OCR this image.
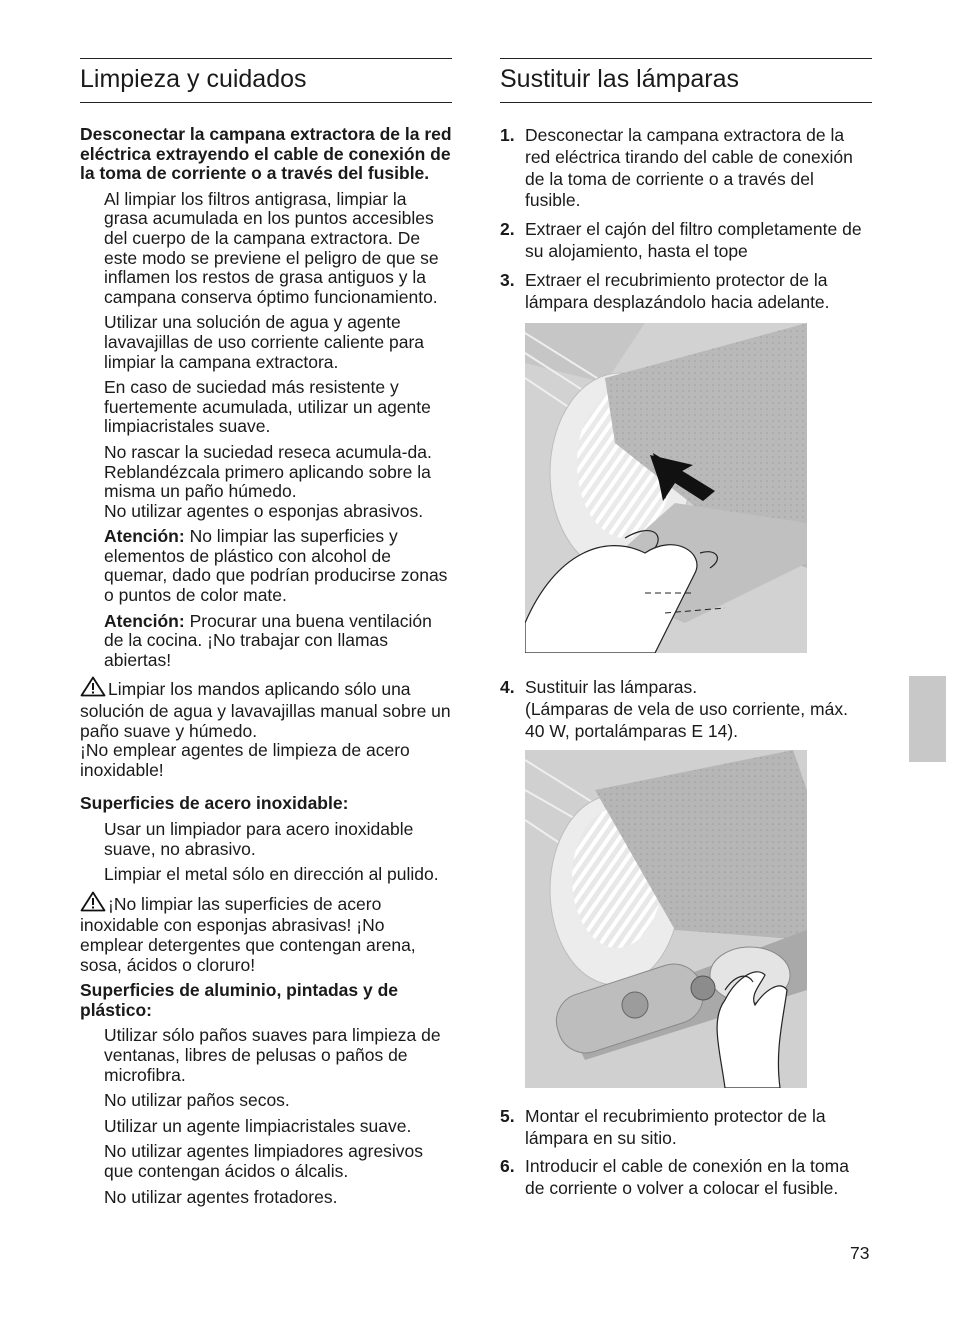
Limpieza y cuidados

Desconectar la campana extractora de la red eléctrica extrayendo el cable de conexión de la toma de corriente o a través del fusible.

Al limpiar los filtros antigrasa, limpiar la grasa acumulada en los puntos accesibles del cuerpo de la campana extractora. De este modo se previene el peligro de que se inflamen los restos de grasa antiguos y la campana conserva óptimo funcionamiento.

Utilizar una solución de agua y agente lavavajillas de uso corriente caliente para limpiar la campana extractora.

En caso de suciedad más resistente y fuertemente acumulada, utilizar un agente limpiacristales suave.

No rascar la suciedad reseca acumula-da. Reblandézcala primero aplicando sobre la misma un paño húmedo.

No utilizar agentes o esponjas abrasivos.

Atención: No limpiar las superficies y elementos de plástico con alcohol de quemar, dado que podrían producirse zonas o puntos de color mate.

Atención: Procurar una buena ventilación de la cocina. ¡No trabajar con llamas abiertas!

Limpiar los mandos aplicando sólo una solución de agua y lavavajillas manual sobre un paño suave y húmedo.

¡No emplear agentes de limpieza de acero inoxidable!

Superficies de acero inoxidable:

Usar un limpiador para acero inoxidable suave, no abrasivo.

Limpiar el metal sólo en dirección al pulido.

¡No limpiar las superficies de acero inoxidable con esponjas abrasivas! ¡No emplear detergentes que contengan arena, sosa, ácidos o cloruro!

Superficies de aluminio, pintadas y de plástico:

Utilizar sólo paños suaves para limpieza de ventanas, libres de pelusas o paños de microfibra.

No utilizar paños secos.

Utilizar un agente limpiacristales suave.

No utilizar agentes limpiadores agresivos que contengan ácidos o álcalis.

No utilizar agentes frotadores.

Sustituir las lámparas
1. Desconectar la campana extractora de la red eléctrica tirando del cable de conexión de la toma de corriente o a través del fusible.
2. Extraer el cajón del filtro completamente de su alojamiento, hasta el tope
3. Extraer el recubrimiento protector de la lámpara desplazándolo hacia adelante.
4. Sustituir las lámparas.
(Lámparas de vela de uso corriente, máx. 40 W, portalámparas E 14).
5. Montar el recubrimiento protector de la lámpara en su sitio.
6. Introducir el cable de conexión en la toma de corriente o volver a colocar el fusible.
73
